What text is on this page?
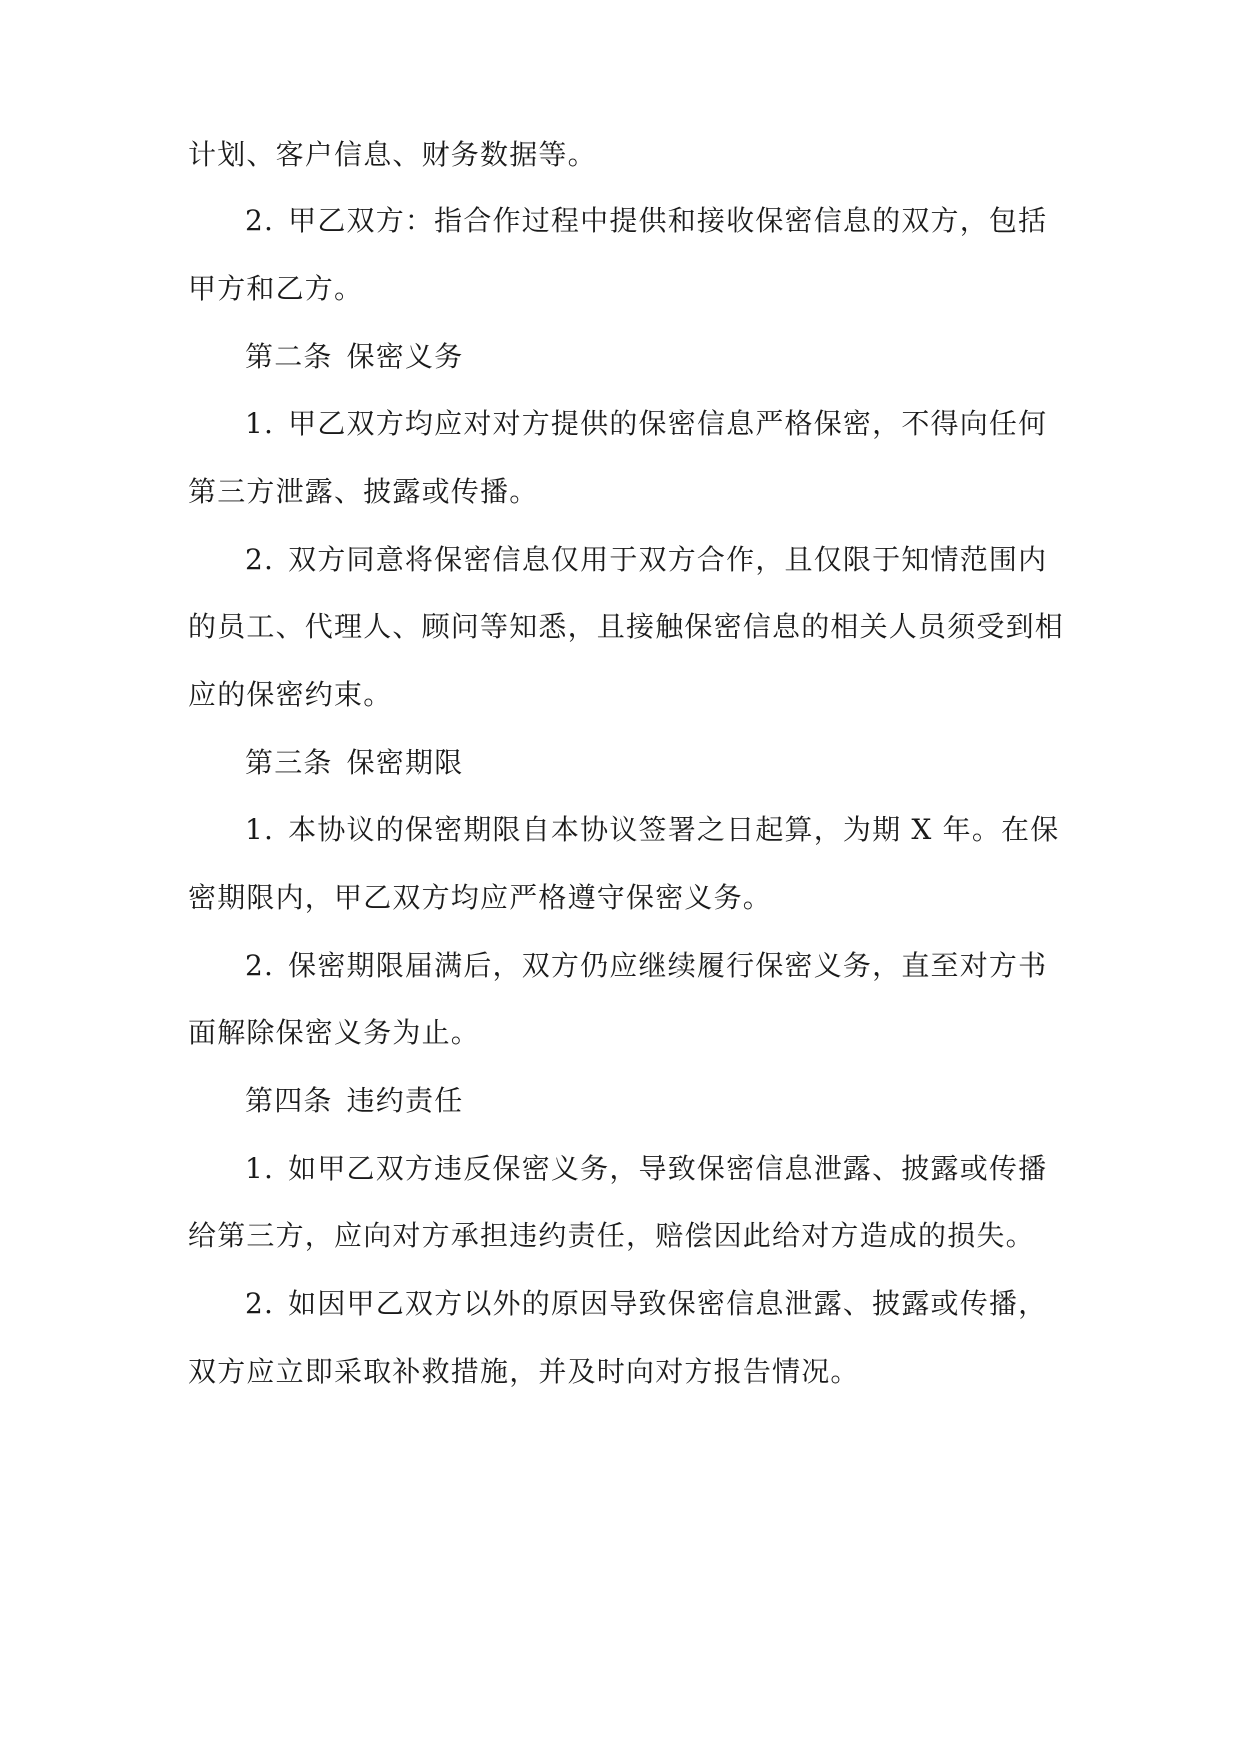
计划、客户信息、财务数据等。
2. 甲乙双方：指合作过程中提供和接收保密信息的双方，包括
甲方和乙方。
第二条 保密义务
1. 甲乙双方均应对对方提供的保密信息严格保密，不得向任何
第三方泄露、披露或传播。
2. 双方同意将保密信息仅用于双方合作，且仅限于知情范围内
的员工、代理人、顾问等知悉，且接触保密信息的相关人员须受到相
应的保密约束。
第三条 保密期限
1. 本协议的保密期限自本协议签署之日起算，为期 X 年。在保
密期限内，甲乙双方均应严格遵守保密义务。
2. 保密期限届满后，双方仍应继续履行保密义务，直至对方书
面解除保密义务为止。
第四条 违约责任
1. 如甲乙双方违反保密义务，导致保密信息泄露、披露或传播
给第三方，应向对方承担违约责任，赔偿因此给对方造成的损失。
2. 如因甲乙双方以外的原因导致保密信息泄露、披露或传播，
双方应立即采取补救措施，并及时向对方报告情况。
